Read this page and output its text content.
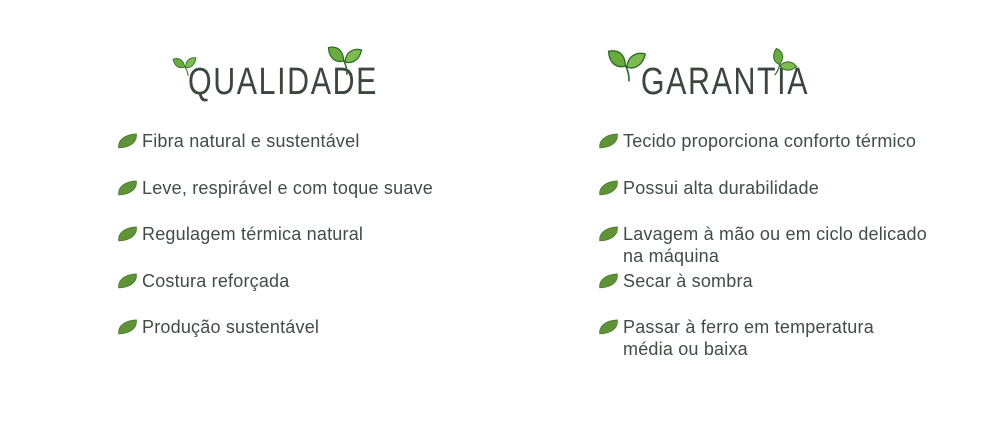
QUALIDADE
Fibra natural e sustentável
Leve, respirável e com toque suave
Regulagem térmica natural
Costura reforçada
Produção sustentável
GARANTIA
Tecido proporciona conforto térmico
Possui alta durabilidade
Lavagem à mão ou em ciclo delicado
na máquina
Secar à sombra
Passar à ferro em temperatura
média ou baixa
